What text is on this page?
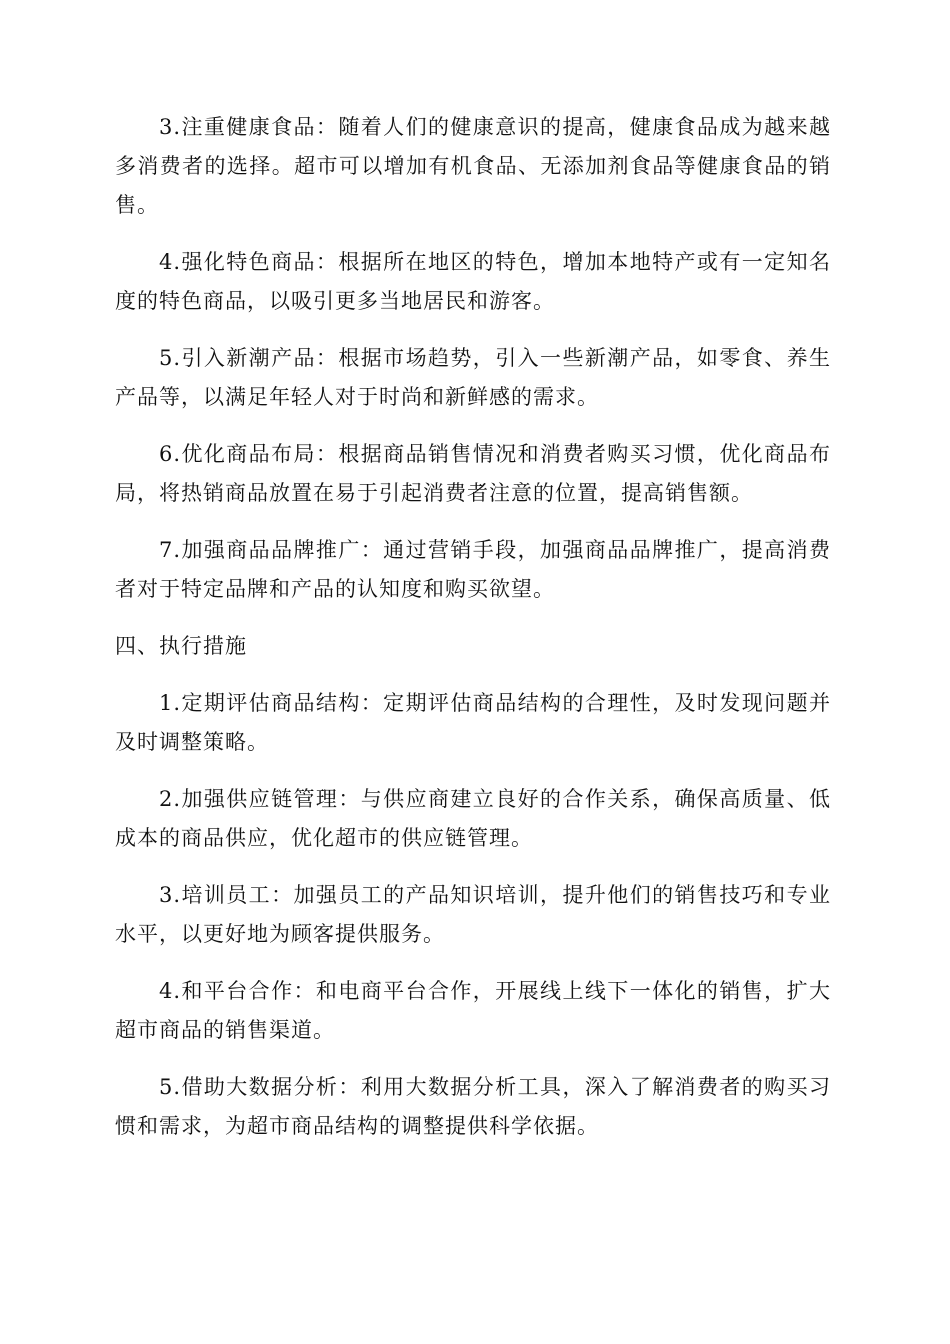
3.注重健康食品：随着人们的健康意识的提高，健康食品成为越来越多消费者的选择。超市可以增加有机食品、无添加剂食品等健康食品的销售。

4.强化特色商品：根据所在地区的特色，增加本地特产或有一定知名度的特色商品，以吸引更多当地居民和游客。

5.引入新潮产品：根据市场趋势，引入一些新潮产品，如零食、养生产品等，以满足年轻人对于时尚和新鲜感的需求。

6.优化商品布局：根据商品销售情况和消费者购买习惯，优化商品布局，将热销商品放置在易于引起消费者注意的位置，提高销售额。

7.加强商品品牌推广：通过营销手段，加强商品品牌推广，提高消费者对于特定品牌和产品的认知度和购买欲望。

四、执行措施

1.定期评估商品结构：定期评估商品结构的合理性，及时发现问题并及时调整策略。

2.加强供应链管理：与供应商建立良好的合作关系，确保高质量、低成本的商品供应，优化超市的供应链管理。

3.培训员工：加强员工的产品知识培训，提升他们的销售技巧和专业水平，以更好地为顾客提供服务。

4.和平台合作：和电商平台合作，开展线上线下一体化的销售，扩大超市商品的销售渠道。

5.借助大数据分析：利用大数据分析工具，深入了解消费者的购买习惯和需求，为超市商品结构的调整提供科学依据。
